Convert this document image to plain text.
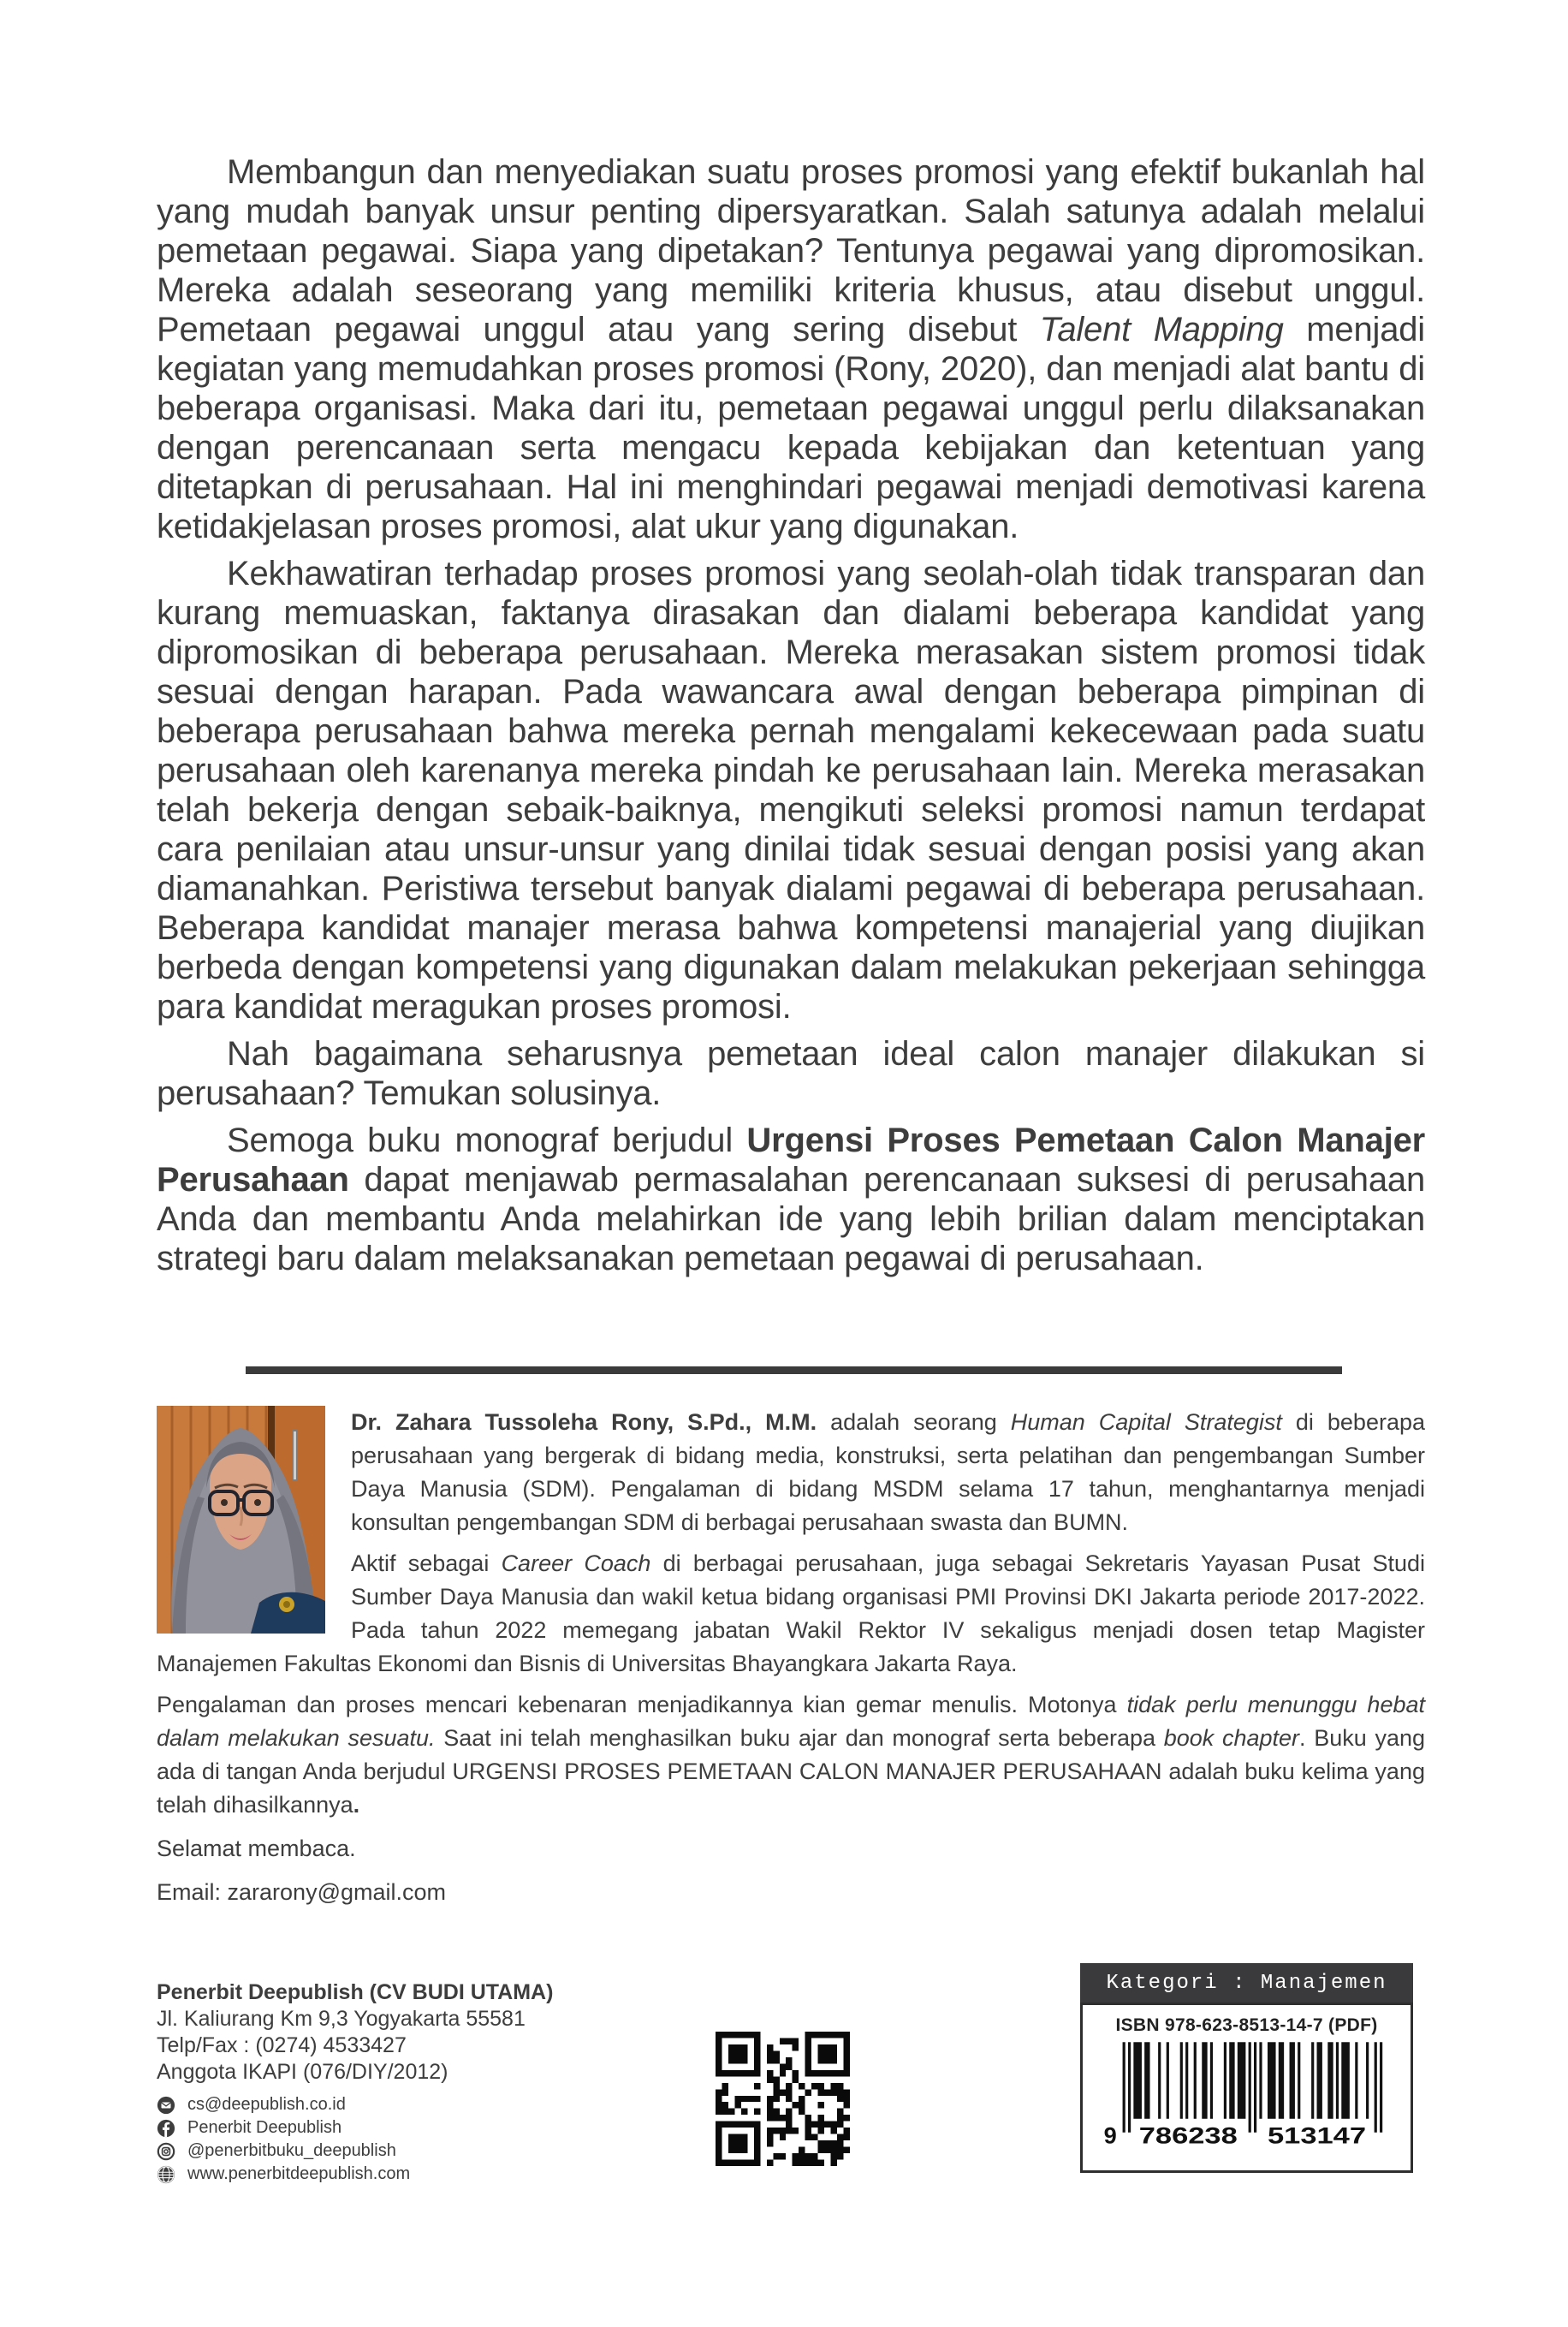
Membangun dan menyediakan suatu proses promosi yang efektif bukanlah hal yang mudah banyak unsur penting dipersyaratkan. Salah satunya adalah melalui pemetaan pegawai. Siapa yang dipetakan? Tentunya pegawai yang dipromosikan. Mereka adalah seseorang yang memiliki kriteria khusus, atau disebut unggul. Pemetaan pegawai unggul atau yang sering disebut Talent Mapping menjadi kegiatan yang memudahkan proses promosi (Rony, 2020), dan menjadi alat bantu di beberapa organisasi. Maka dari itu, pemetaan pegawai unggul perlu dilaksanakan dengan perencanaan serta mengacu kepada kebijakan dan ketentuan yang ditetapkan di perusahaan. Hal ini menghindari pegawai menjadi demotivasi karena ketidakjelasan proses promosi, alat ukur yang digunakan.

Kekhawatiran terhadap proses promosi yang seolah-olah tidak transparan dan kurang memuaskan, faktanya dirasakan dan dialami beberapa kandidat yang dipromosikan di beberapa perusahaan. Mereka merasakan sistem promosi tidak sesuai dengan harapan. Pada wawancara awal dengan beberapa pimpinan di beberapa perusahaan bahwa mereka pernah mengalami kekecewaan pada suatu perusahaan oleh karenanya mereka pindah ke perusahaan lain. Mereka merasakan telah bekerja dengan sebaik-baiknya, mengikuti seleksi promosi namun terdapat cara penilaian atau unsur-unsur yang dinilai tidak sesuai dengan posisi yang akan diamanahkan. Peristiwa tersebut banyak dialami pegawai di beberapa perusahaan. Beberapa kandidat manajer merasa bahwa kompetensi manajerial yang diujikan berbeda dengan kompetensi yang digunakan dalam melakukan pekerjaan sehingga para kandidat meragukan proses promosi.

Nah bagaimana seharusnya pemetaan ideal calon manajer dilakukan si perusahaan? Temukan solusinya.

Semoga buku monograf berjudul Urgensi Proses Pemetaan Calon Manajer Perusahaan dapat menjawab permasalahan perencanaan suksesi di perusahaan Anda dan membantu Anda melahirkan ide yang lebih brilian dalam menciptakan strategi baru dalam melaksanakan pemetaan pegawai di perusahaan.

Dr. Zahara Tussoleha Rony, S.Pd., M.M. adalah seorang Human Capital Strategist di beberapa perusahaan yang bergerak di bidang media, konstruksi, serta pelatihan dan pengembangan Sumber Daya Manusia (SDM). Pengalaman di bidang MSDM selama 17 tahun, menghantarnya menjadi konsultan pengembangan SDM di berbagai perusahaan swasta dan BUMN.

Aktif sebagai Career Coach di berbagai perusahaan, juga sebagai Sekretaris Yayasan Pusat Studi Sumber Daya Manusia dan wakil ketua bidang organisasi PMI Provinsi DKI Jakarta periode 2017-2022. Pada tahun 2022 memegang jabatan Wakil Rektor IV sekaligus menjadi dosen tetap Magister Manajemen Fakultas Ekonomi dan Bisnis di Universitas Bhayangkara Jakarta Raya.

Pengalaman dan proses mencari kebenaran menjadikannya kian gemar menulis. Motonya tidak perlu menunggu hebat dalam melakukan sesuatu. Saat ini telah menghasilkan buku ajar dan monograf serta beberapa book chapter. Buku yang ada di tangan Anda berjudul URGENSI PROSES PEMETAAN CALON MANAJER PERUSAHAAN adalah buku kelima yang telah dihasilkannya.

Selamat membaca.

Email: zararony@gmail.com

Penerbit Deepublish (CV BUDI UTAMA)

Jl. Kaliurang Km 9,3 Yogyakarta 55581

Telp/Fax : (0274) 4533427

Anggota IKAPI (076/DIY/2012)

cs@deepublish.co.id
Penerbit Deepublish
@penerbitbuku_deepublish
www.penerbitdeepublish.com
Kategori : Manajemen
ISBN 978-623-8513-14-7 (PDF)
9	786238	513147
